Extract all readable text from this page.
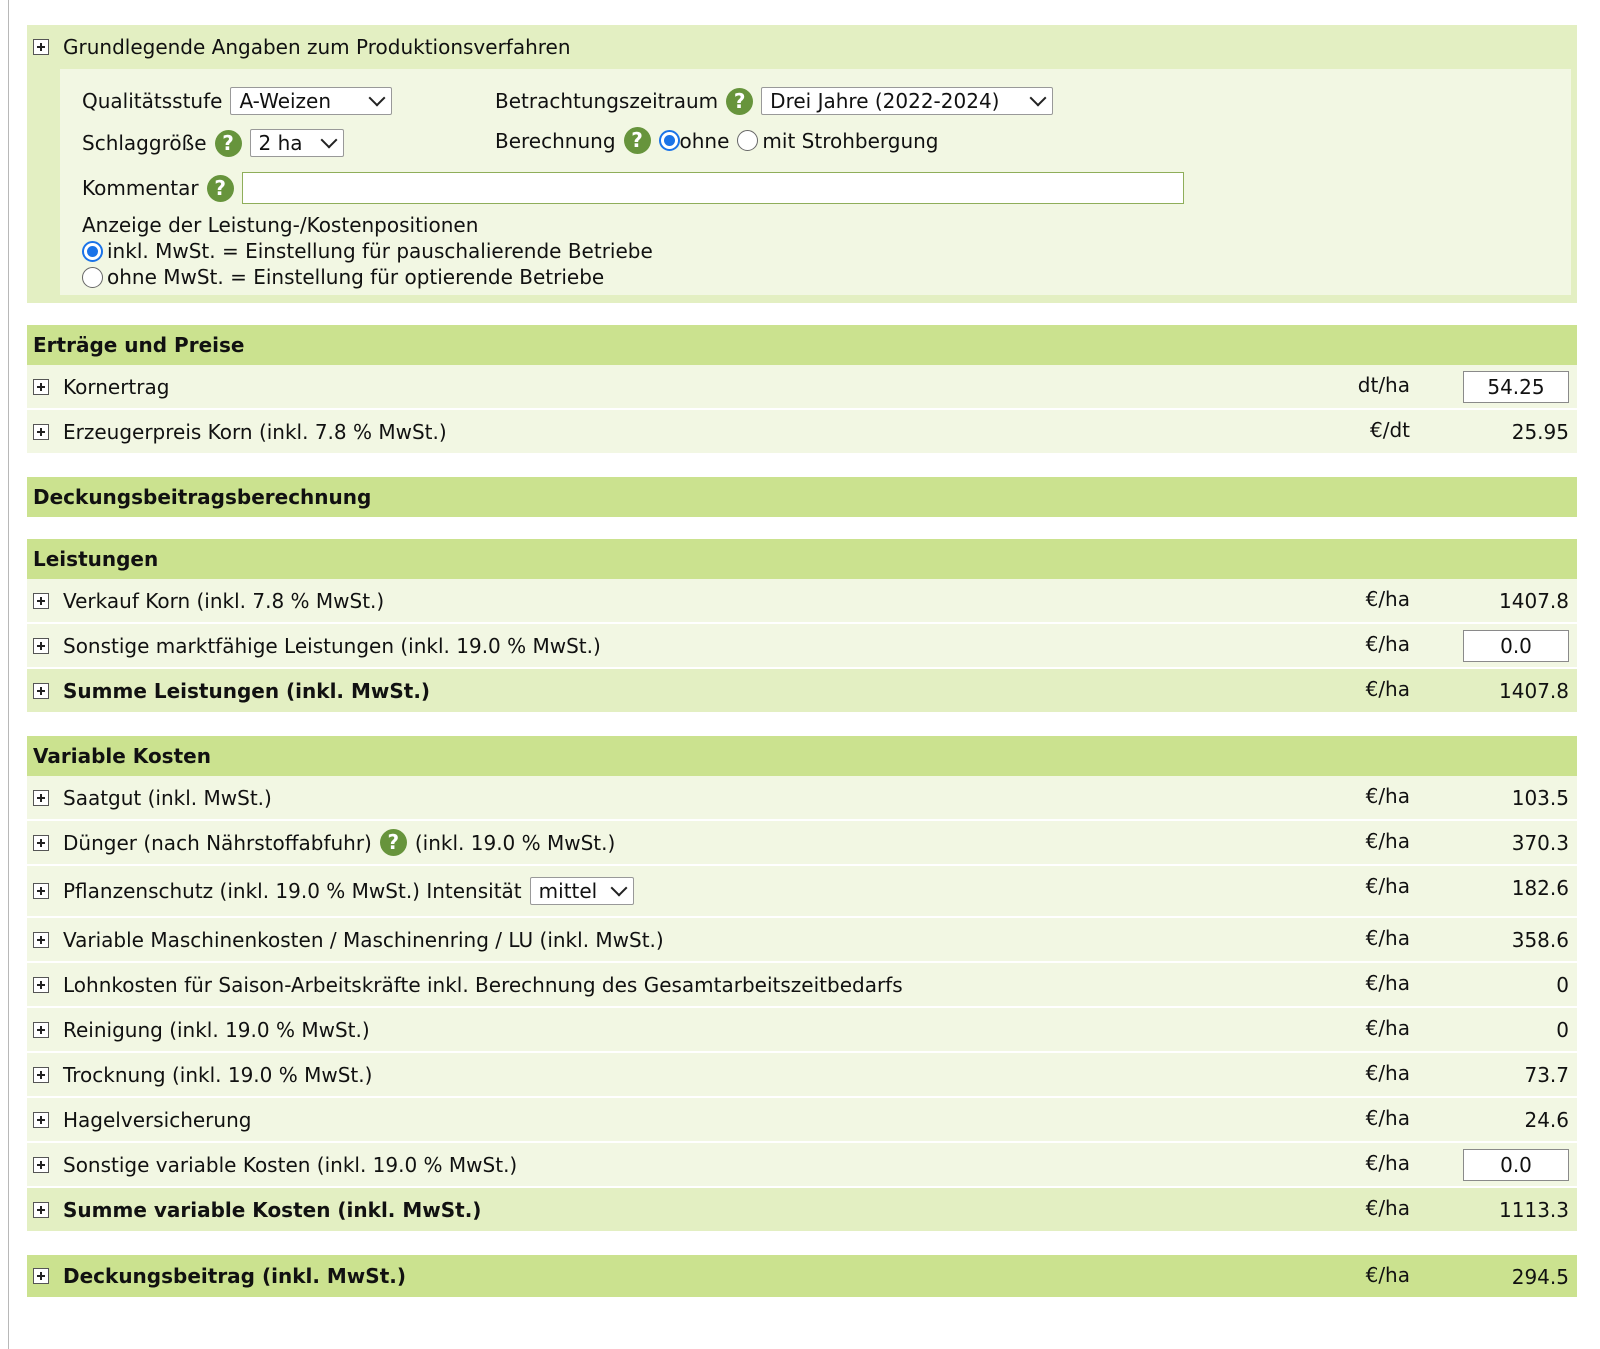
Grundlegende Angaben zum Produktionsverfahren
Qualitätsstufe A-Weizen	Betrachtungszeitraum ?	Drei Jahre (2022-2024)
Schlaggröße ?	2 ha	Berechnung ?	ohne mit Strohbergung
Kommentar ?
Anzeige der Leistung-/Kostenpositionen
inkl. MwSt. = Einstellung für pauschalierende Betriebe
ohne MwSt. = Einstellung für optierende Betriebe
Erträge und Preise
Kornertrag	dt/ha	54.25
Erzeugerpreis Korn (inkl. 7.8 % MwSt.)	€/dt	25.95
Deckungsbeitragsberechnung
Leistungen
Verkauf Korn (inkl. 7.8 % MwSt.)	€/ha	1407.8
Sonstige marktfähige Leistungen (inkl. 19.0 % MwSt.)	€/ha	0.0
Summe Leistungen (inkl. MwSt.)	€/ha	1407.8
Variable Kosten
Saatgut (inkl. MwSt.)	€/ha	103.5
Dünger (nach Nährstoffabfuhr) ? (inkl. 19.0 % MwSt.)	€/ha	370.3
Pflanzenschutz (inkl. 19.0 % MwSt.) Intensität mittel	€/ha	182.6
Variable Maschinenkosten / Maschinenring / LU (inkl. MwSt.)	€/ha	358.6
Lohnkosten für Saison-Arbeitskräfte inkl. Berechnung des Gesamtarbeitszeitbedarfs	€/ha	0
Reinigung (inkl. 19.0 % MwSt.)	€/ha	0
Trocknung (inkl. 19.0 % MwSt.)	€/ha	73.7
Hagelversicherung	€/ha	24.6
Sonstige variable Kosten (inkl. 19.0 % MwSt.)	€/ha	0.0
Summe variable Kosten (inkl. MwSt.)	€/ha	1113.3
Deckungsbeitrag (inkl. MwSt.)	€/ha	294.5
